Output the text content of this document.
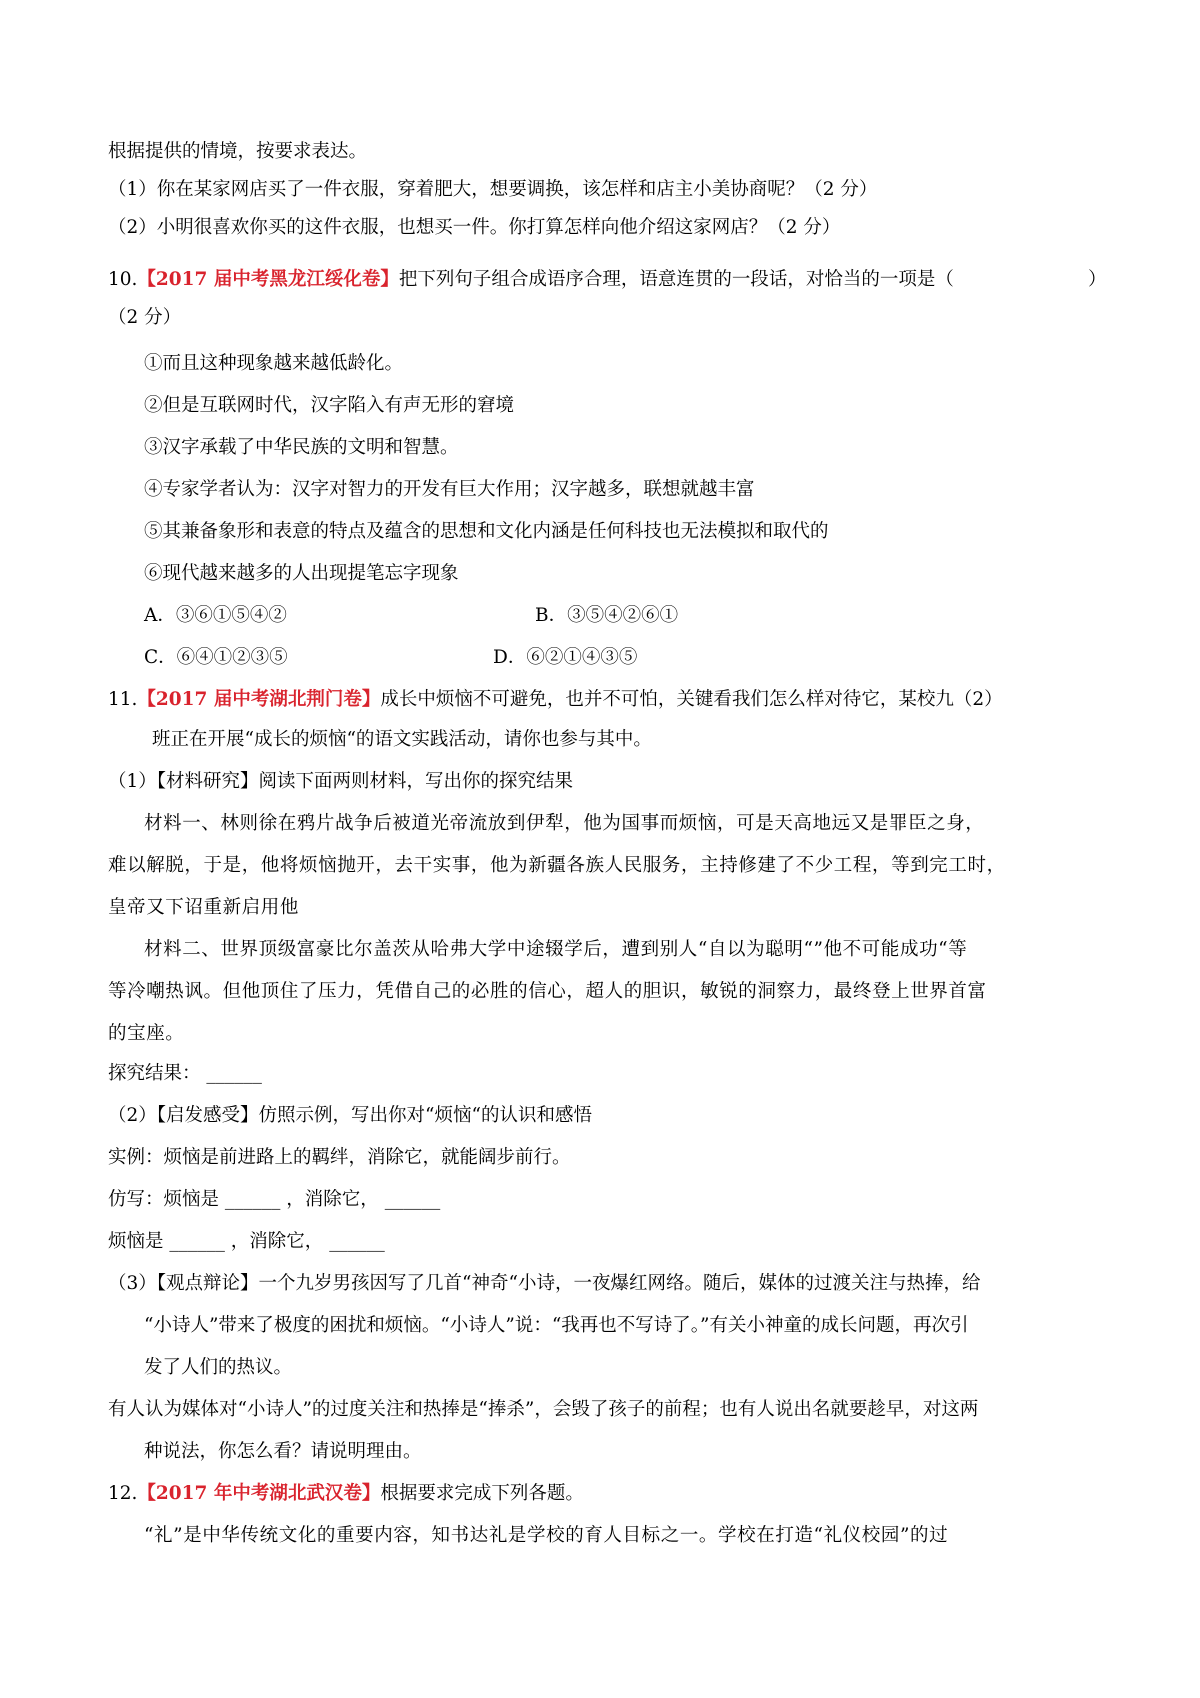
根据提供的情境，按要求表达。
（1）你在某家网店买了一件衣服，穿着肥大，想要调换，该怎样和店主小美协商呢？（2 分）
（2）小明很喜欢你买的这件衣服，也想买一件。你打算怎样向他介绍这家网店？（2 分）
10.【2017 届中考黑龙江绥化卷】把下列句子组合成语序合理，语意连贯的一段话，对恰当的一项是（	）
（2 分）
①而且这种现象越来越低龄化。
②但是互联网时代，汉字陷入有声无形的窘境
③汉字承载了中华民族的文明和智慧。
④专家学者认为：汉字对智力的开发有巨大作用；汉字越多，联想就越丰富
⑤其兼备象形和表意的特点及蕴含的思想和文化内涵是任何科技也无法模拟和取代的
⑥现代越来越多的人出现提笔忘字现象
A．③⑥①⑤④②	B．③⑤④②⑥①
C．⑥④①②③⑤	D．⑥②①④③⑤
11.【2017 届中考湖北荆门卷】成长中烦恼不可避免，也并不可怕，关键看我们怎么样对待它，某校九（2）
班正在开展“成长的烦恼“的语文实践活动，请你也参与其中。
（1）【材料研究】阅读下面两则材料，写出你的探究结果
材料一、林则徐在鸦片战争后被道光帝流放到伊犁，他为国事而烦恼，可是天高地远又是罪臣之身，
难以解脱，于是，他将烦恼抛开，去干实事，他为新疆各族人民服务，主持修建了不少工程，等到完工时，
皇帝又下诏重新启用他
材料二、世界顶级富豪比尔盖茨从哈弗大学中途辍学后，遭到别人“自以为聪明“”他不可能成功“等
等冷嘲热讽。但他顶住了压力，凭借自己的必胜的信心，超人的胆识，敏锐的洞察力，最终登上世界首富
的宝座。
探究结果： ______
（2）【启发感受】仿照示例，写出你对“烦恼“的认识和感悟
实例：烦恼是前进路上的羁绊，消除它，就能阔步前行。
仿写：烦恼是 ______ ，消除它， ______
烦恼是 ______ ，消除它， ______
（3）【观点辩论】一个九岁男孩因写了几首“神奇“小诗，一夜爆红网络。随后，媒体的过渡关注与热捧，给
“小诗人”带来了极度的困扰和烦恼。“小诗人”说：“我再也不写诗了。”有关小神童的成长问题，再次引
发了人们的热议。
有人认为媒体对“小诗人”的过度关注和热捧是“捧杀”，会毁了孩子的前程；也有人说出名就要趁早，对这两
种说法，你怎么看？请说明理由。
12.【2017 年中考湖北武汉卷】根据要求完成下列各题。
“礼”是中华传统文化的重要内容，知书达礼是学校的育人目标之一。学校在打造“礼仪校园”的过
